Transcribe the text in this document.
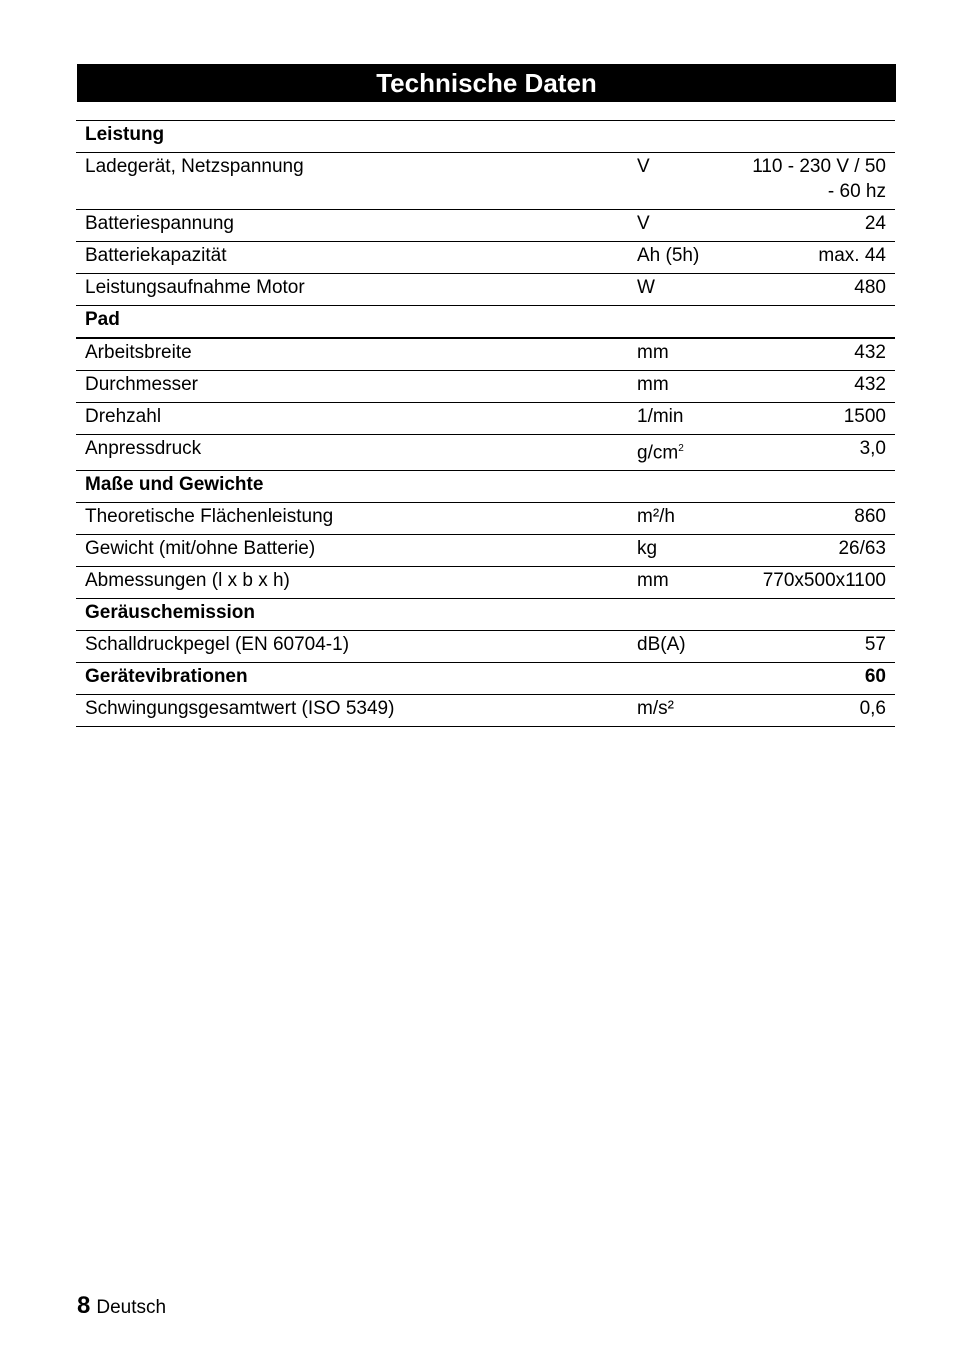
Technische Daten
Leistung		
Ladegerät, Netzspannung	V	110 - 230 V / 50
- 60 hz
Batteriespannung	V	24
Batteriekapazität	Ah (5h)	max. 44
Leistungsaufnahme Motor	W	480
Pad		
Arbeitsbreite	mm	432
Durchmesser	mm	432
Drehzahl	1/min	1500
Anpressdruck	$g/cm^2$	3,0
Maße und Gewichte		
Theoretische Flächenleistung	m²/h	860
Gewicht (mit/ohne Batterie)	kg	26/63
Abmessungen (l x b x h)	mm	770x500x1100
Geräuschemission		
Schalldruckpegel (EN 60704-1)	dB(A)	57
Gerätevibrationen		60
Schwingungsgesamtwert (ISO 5349)	m/s²	0,6
8 Deutsch
